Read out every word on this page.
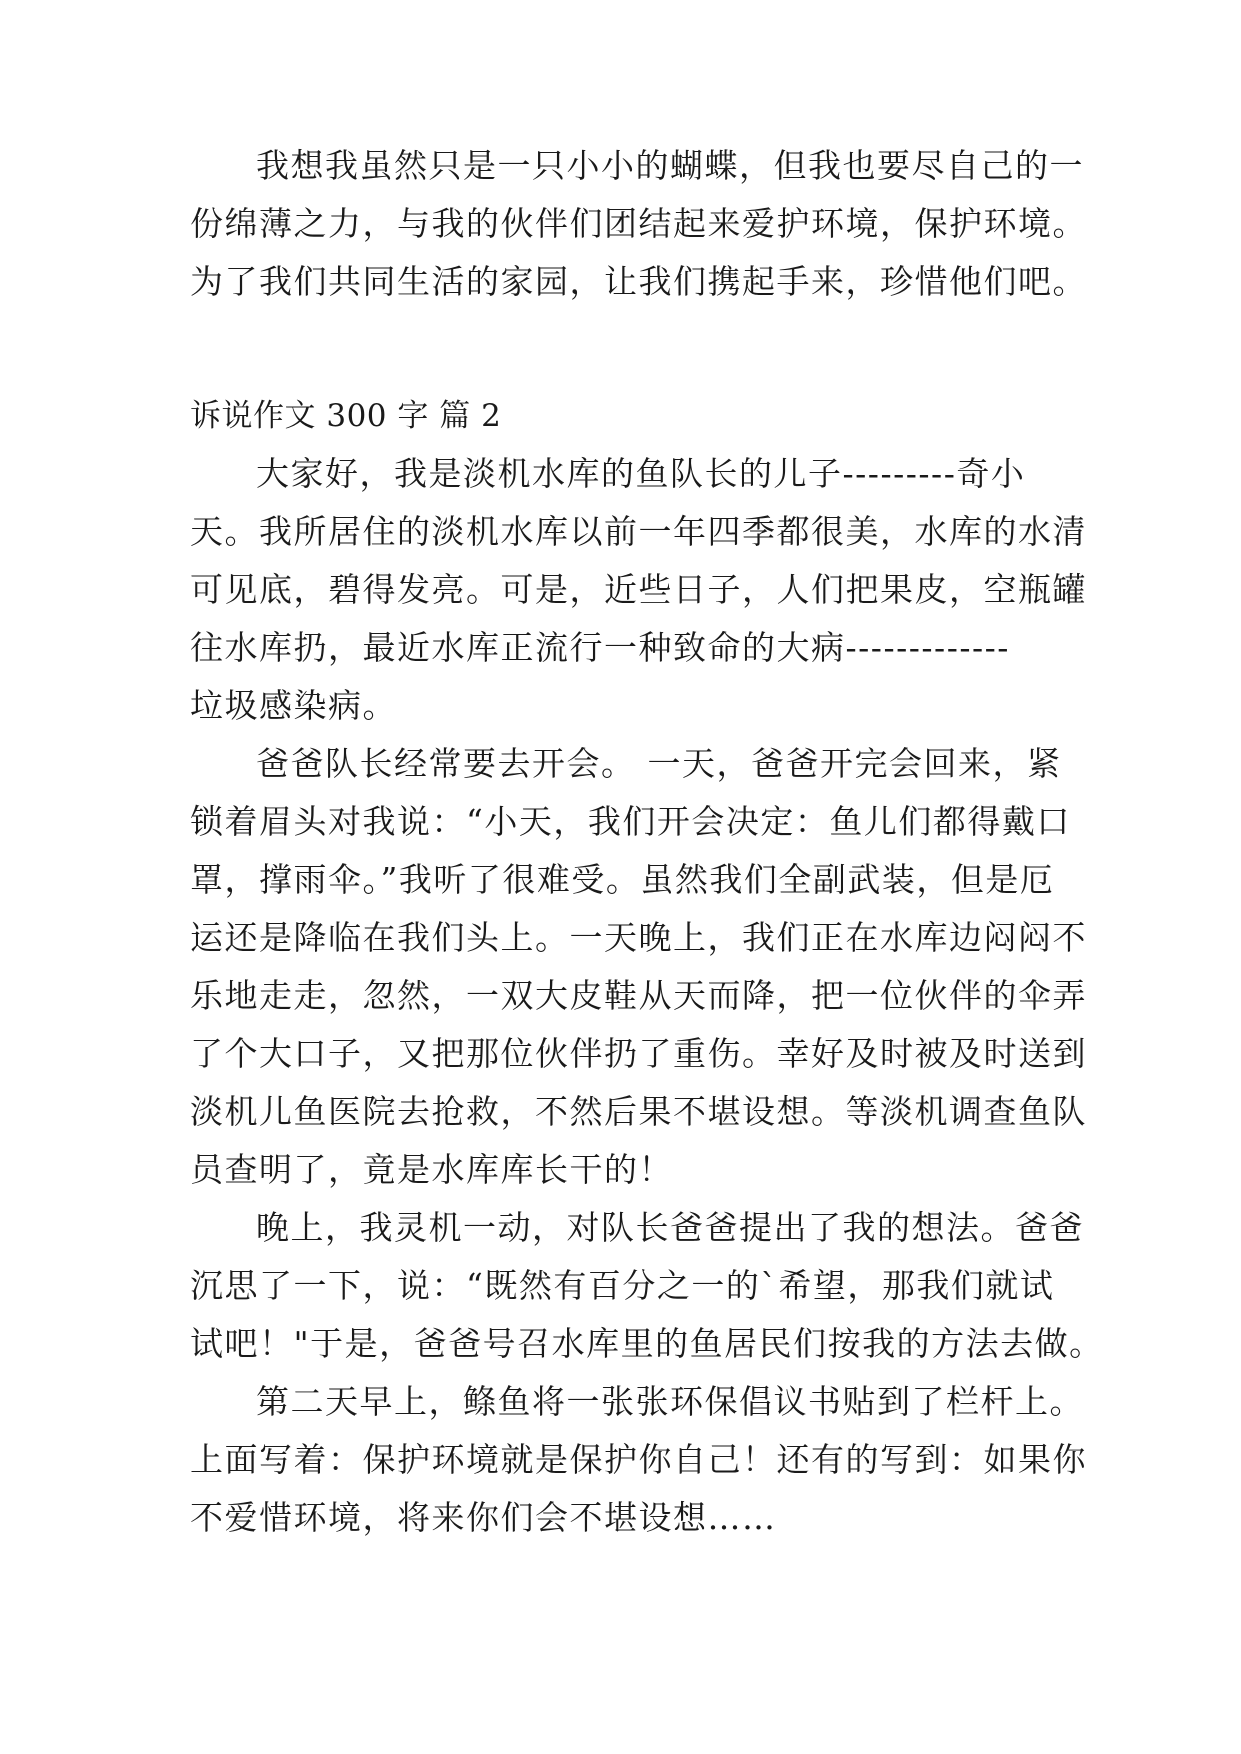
我想我虽然只是一只小小的蝴蝶，但我也要尽自己的一
份绵薄之力，与我的伙伴们团结起来爱护环境，保护环境。
为了我们共同生活的家园，让我们携起手来，珍惜他们吧。
诉说作文 300 字 篇 2
大家好，我是淡机水库的鱼队长的儿子---------奇小
天。我所居住的淡机水库以前一年四季都很美，水库的水清
可见底，碧得发亮。可是，近些日子，人们把果皮，空瓶罐
往水库扔，最近水库正流行一种致命的大病-------------
垃圾感染病。
爸爸队长经常要去开会。 一天，爸爸开完会回来，紧
锁着眉头对我说：“小天，我们开会决定：鱼儿们都得戴口
罩，撑雨伞。”我听了很难受。虽然我们全副武装，但是厄
运还是降临在我们头上。一天晚上，我们正在水库边闷闷不
乐地走走，忽然，一双大皮鞋从天而降，把一位伙伴的伞弄
了个大口子，又把那位伙伴扔了重伤。幸好及时被及时送到
淡机儿鱼医院去抢救，不然后果不堪设想。等淡机调查鱼队
员查明了，竟是水库库长干的！
晚上，我灵机一动，对队长爸爸提出了我的想法。爸爸
沉思了一下，说：“既然有百分之一的`希望，那我们就试
试吧！"于是，爸爸号召水库里的鱼居民们按我的方法去做。
第二天早上，鲦鱼将一张张环保倡议书贴到了栏杆上。
上面写着：保护环境就是保护你自己！还有的写到：如果你
不爱惜环境，将来你们会不堪设想……
